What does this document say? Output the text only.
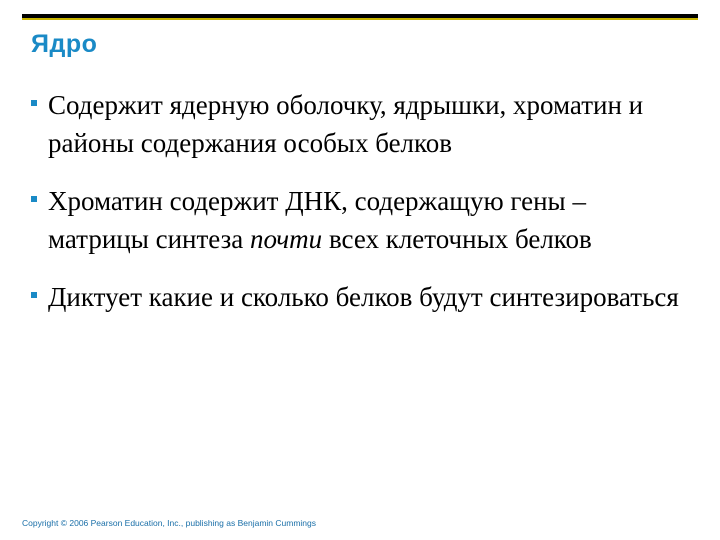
Ядро
Содержит ядерную оболочку, ядрышки, хроматин и районы содержания особых белков
Хроматин содержит ДНК, содержащую гены – матрицы синтеза почти всех клеточных белков
Диктует какие и сколько белков будут синтезироваться
Copyright © 2006 Pearson Education, Inc., publishing as Benjamin Cummings
